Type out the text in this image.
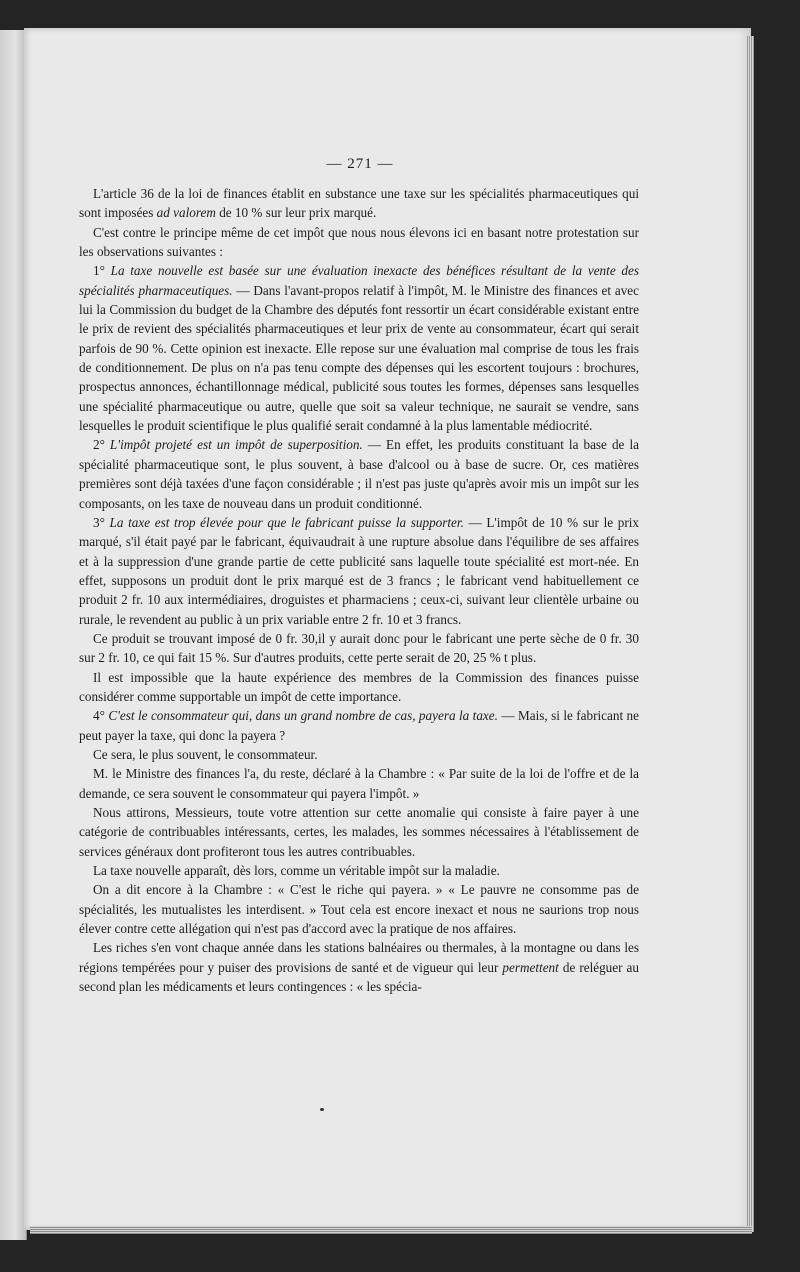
— 271 —

L'article 36 de la loi de finances établit en substance une taxe sur les spécialités pharmaceutiques qui sont imposées ad valorem de 10 % sur leur prix marqué.

C'est contre le principe même de cet impôt que nous nous élevons ici en basant notre protestation sur les observations suivantes :

1° La taxe nouvelle est basée sur une évaluation inexacte des bénéfices résultant de la vente des spécialités pharmaceutiques. — Dans l'avant-propos relatif à l'impôt, M. le Ministre des finances et avec lui la Commission du budget de la Chambre des députés font ressortir un écart considérable existant entre le prix de revient des spécialités pharmaceutiques et leur prix de vente au consommateur, écart qui serait parfois de 90 %. Cette opinion est inexacte. Elle repose sur une évaluation mal comprise de tous les frais de conditionnement. De plus on n'a pas tenu compte des dépenses qui les escortent toujours : brochures, prospectus annonces, échantillonnage médical, publicité sous toutes les formes, dépenses sans lesquelles une spécialité pharmaceutique ou autre, quelle que soit sa valeur technique, ne saurait se vendre, sans lesquelles le produit scientifique le plus qualifié serait condamné à la plus lamentable médiocrité.

2° L'impôt projeté est un impôt de superposition. — En effet, les produits constituant la base de la spécialité pharmaceutique sont, le plus souvent, à base d'alcool ou à base de sucre. Or, ces matières premières sont déjà taxées d'une façon considérable ; il n'est pas juste qu'après avoir mis un impôt sur les composants, on les taxe de nouveau dans un produit conditionné.

3° La taxe est trop élevée pour que le fabricant puisse la supporter. — L'impôt de 10 % sur le prix marqué, s'il était payé par le fabricant, équivaudrait à une rupture absolue dans l'équilibre de ses affaires et à la suppression d'une grande partie de cette publicité sans laquelle toute spécialité est mort-née. En effet, supposons un produit dont le prix marqué est de 3 francs ; le fabricant vend habituellement ce produit 2 fr. 10 aux intermédiaires, droguistes et pharmaciens ; ceux-ci, suivant leur clientèle urbaine ou rurale, le revendent au public à un prix variable entre 2 fr. 10 et 3 francs.

Ce produit se trouvant imposé de 0 fr. 30,il y aurait donc pour le fabricant une perte sèche de 0 fr. 30 sur 2 fr. 10, ce qui fait 15 %. Sur d'autres produits, cette perte serait de 20, 25 % t plus.

Il est impossible que la haute expérience des membres de la Commission des finances puisse considérer comme supportable un impôt de cette importance.

4° C'est le consommateur qui, dans un grand nombre de cas, payera la taxe. — Mais, si le fabricant ne peut payer la taxe, qui donc la payera ?

Ce sera, le plus souvent, le consommateur.

M. le Ministre des finances l'a, du reste, déclaré à la Chambre : « Par suite de la loi de l'offre et de la demande, ce sera souvent le consommateur qui payera l'impôt. »

Nous attirons, Messieurs, toute votre attention sur cette anomalie qui consiste à faire payer à une catégorie de contribuables intéressants, certes, les malades, les sommes nécessaires à l'établissement de services généraux dont profiteront tous les autres contribuables.

La taxe nouvelle apparaît, dès lors, comme un véritable impôt sur la maladie.

On a dit encore à la Chambre : « C'est le riche qui payera. » « Le pauvre ne consomme pas de spécialités, les mutualistes les interdisent. » Tout cela est encore inexact et nous ne saurions trop nous élever contre cette allégation qui n'est pas d'accord avec la pratique de nos affaires.

Les riches s'en vont chaque année dans les stations balnéaires ou thermales, à la montagne ou dans les régions tempérées pour y puiser des provisions de santé et de vigueur qui leur permettent de reléguer au second plan les médicaments et leurs contingences : « les spécia-
